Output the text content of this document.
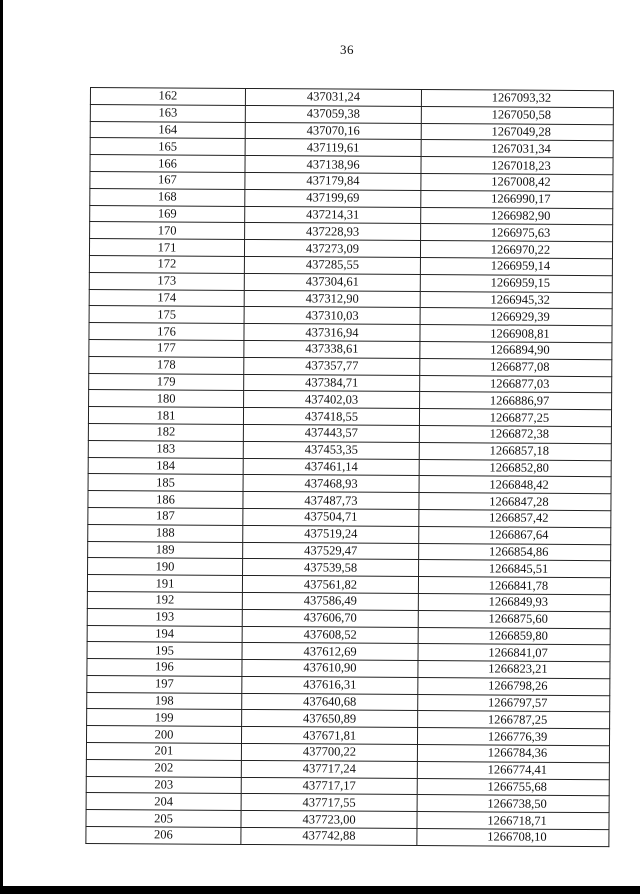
36
162	437031,24	1267093,32
163	437059,38	1267050,58
164	437070,16	1267049,28
165	437119,61	1267031,34
166	437138,96	1267018,23
167	437179,84	1267008,42
168	437199,69	1266990,17
169	437214,31	1266982,90
170	437228,93	1266975,63
171	437273,09	1266970,22
172	437285,55	1266959,14
173	437304,61	1266959,15
174	437312,90	1266945,32
175	437310,03	1266929,39
176	437316,94	1266908,81
177	437338,61	1266894,90
178	437357,77	1266877,08
179	437384,71	1266877,03
180	437402,03	1266886,97
181	437418,55	1266877,25
182	437443,57	1266872,38
183	437453,35	1266857,18
184	437461,14	1266852,80
185	437468,93	1266848,42
186	437487,73	1266847,28
187	437504,71	1266857,42
188	437519,24	1266867,64
189	437529,47	1266854,86
190	437539,58	1266845,51
191	437561,82	1266841,78
192	437586,49	1266849,93
193	437606,70	1266875,60
194	437608,52	1266859,80
195	437612,69	1266841,07
196	437610,90	1266823,21
197	437616,31	1266798,26
198	437640,68	1266797,57
199	437650,89	1266787,25
200	437671,81	1266776,39
201	437700,22	1266784,36
202	437717,24	1266774,41
203	437717,17	1266755,68
204	437717,55	1266738,50
205	437723,00	1266718,71
206	437742,88	1266708,10
